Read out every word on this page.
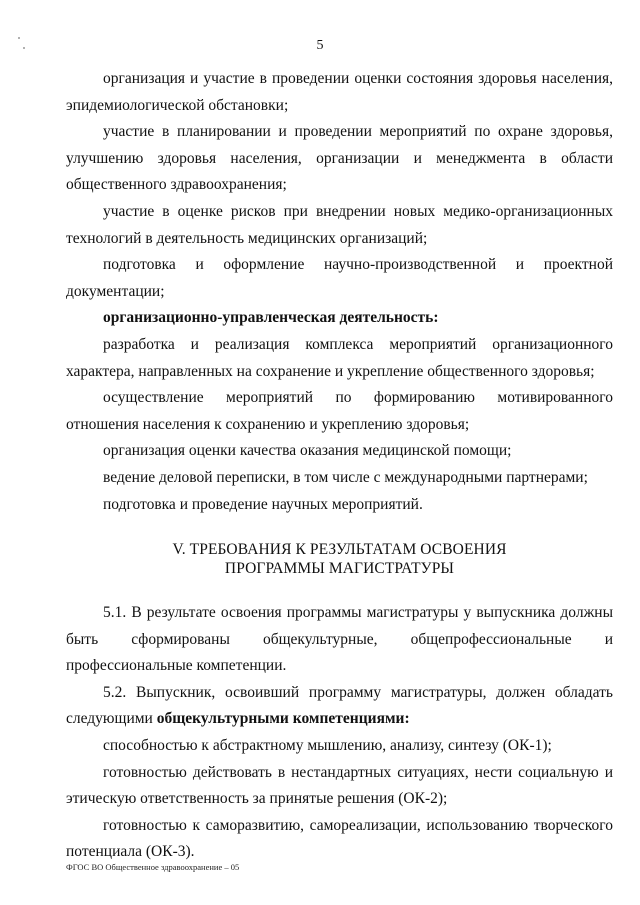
5

организация и участие в проведении оценки состояния здоровья населения, эпидемиологической обстановки;

участие в планировании и проведении мероприятий по охране здоровья, улучшению здоровья населения, организации и менеджмента в области общественного здравоохранения;

участие в оценке рисков при внедрении новых медико-организационных технологий в деятельность медицинских организаций;

подготовка и оформление научно-производственной и проектной документации;

организационно-управленческая деятельность:

разработка и реализация комплекса мероприятий организационного характера, направленных на сохранение и укрепление общественного здоровья;

осуществление мероприятий по формированию мотивированного отношения населения к сохранению и укреплению здоровья;

организация оценки качества оказания медицинской помощи;

ведение деловой переписки, в том числе с международными партнерами;

подготовка и проведение научных мероприятий.

V. ТРЕБОВАНИЯ К РЕЗУЛЬТАТАМ ОСВОЕНИЯ
ПРОГРАММЫ МАГИСТРАТУРЫ

5.1. В результате освоения программы магистратуры у выпускника должны быть сформированы общекультурные, общепрофессиональные и профессиональные компетенции.

5.2. Выпускник, освоивший программу магистратуры, должен обладать следующими общекультурными компетенциями:

способностью к абстрактному мышлению, анализу, синтезу (ОК-1);

готовностью действовать в нестандартных ситуациях, нести социальную и этическую ответственность за принятые решения (ОК-2);

готовностью к саморазвитию, самореализации, использованию творческого потенциала (ОК-3).

ФГОС ВО Общественное здравоохранение – 05
